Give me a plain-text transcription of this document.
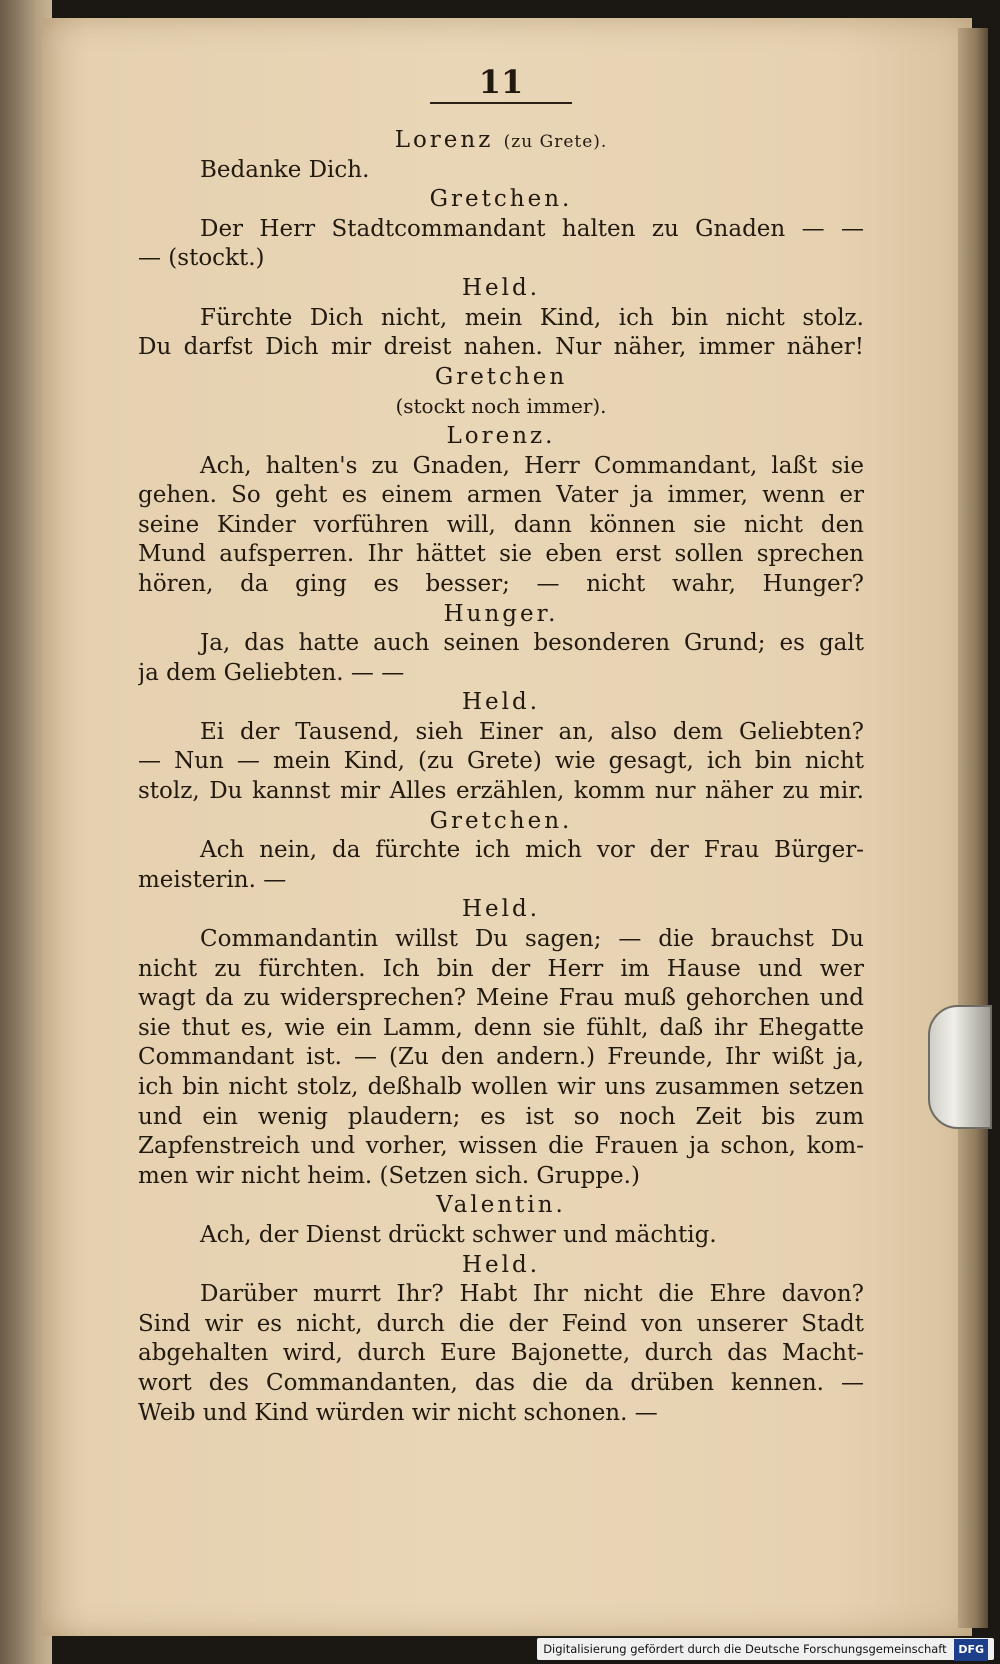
11
Lorenz (zu Grete).
Bedanke Dich.
Gretchen.
Der Herr Stadtcommandant halten zu Gnaden — —
— (stockt.)
Held.
Fürchte Dich nicht, mein Kind, ich bin nicht stolz.
Du darfst Dich mir dreist nahen. Nur näher, immer näher!
Gretchen
(stockt noch immer).
Lorenz.
Ach, halten's zu Gnaden, Herr Commandant, laßt sie
gehen. So geht es einem armen Vater ja immer, wenn er
seine Kinder vorführen will, dann können sie nicht den
Mund aufsperren. Ihr hättet sie eben erst sollen sprechen
hören, da ging es besser; — nicht wahr, Hunger?
Hunger.
Ja, das hatte auch seinen besonderen Grund; es galt
ja dem Geliebten. — —
Held.
Ei der Tausend, sieh Einer an, also dem Geliebten?
— Nun — mein Kind, (zu Grete) wie gesagt, ich bin nicht
stolz, Du kannst mir Alles erzählen, komm nur näher zu mir.
Gretchen.
Ach nein, da fürchte ich mich vor der Frau Bürger-
meisterin. —
Held.
Commandantin willst Du sagen; — die brauchst Du
nicht zu fürchten. Ich bin der Herr im Hause und wer
wagt da zu widersprechen? Meine Frau muß gehorchen und
sie thut es, wie ein Lamm, denn sie fühlt, daß ihr Ehegatte
Commandant ist. — (Zu den andern.) Freunde, Ihr wißt ja,
ich bin nicht stolz, deßhalb wollen wir uns zusammen setzen
und ein wenig plaudern; es ist so noch Zeit bis zum
Zapfenstreich und vorher, wissen die Frauen ja schon, kom-
men wir nicht heim. (Setzen sich. Gruppe.)
Valentin.
Ach, der Dienst drückt schwer und mächtig.
Held.
Darüber murrt Ihr? Habt Ihr nicht die Ehre davon?
Sind wir es nicht, durch die der Feind von unserer Stadt
abgehalten wird, durch Eure Bajonette, durch das Macht-
wort des Commandanten, das die da drüben kennen. —
Weib und Kind würden wir nicht schonen. —
Digitalisierung gefördert durch die Deutsche Forschungsgemeinschaft DFG
